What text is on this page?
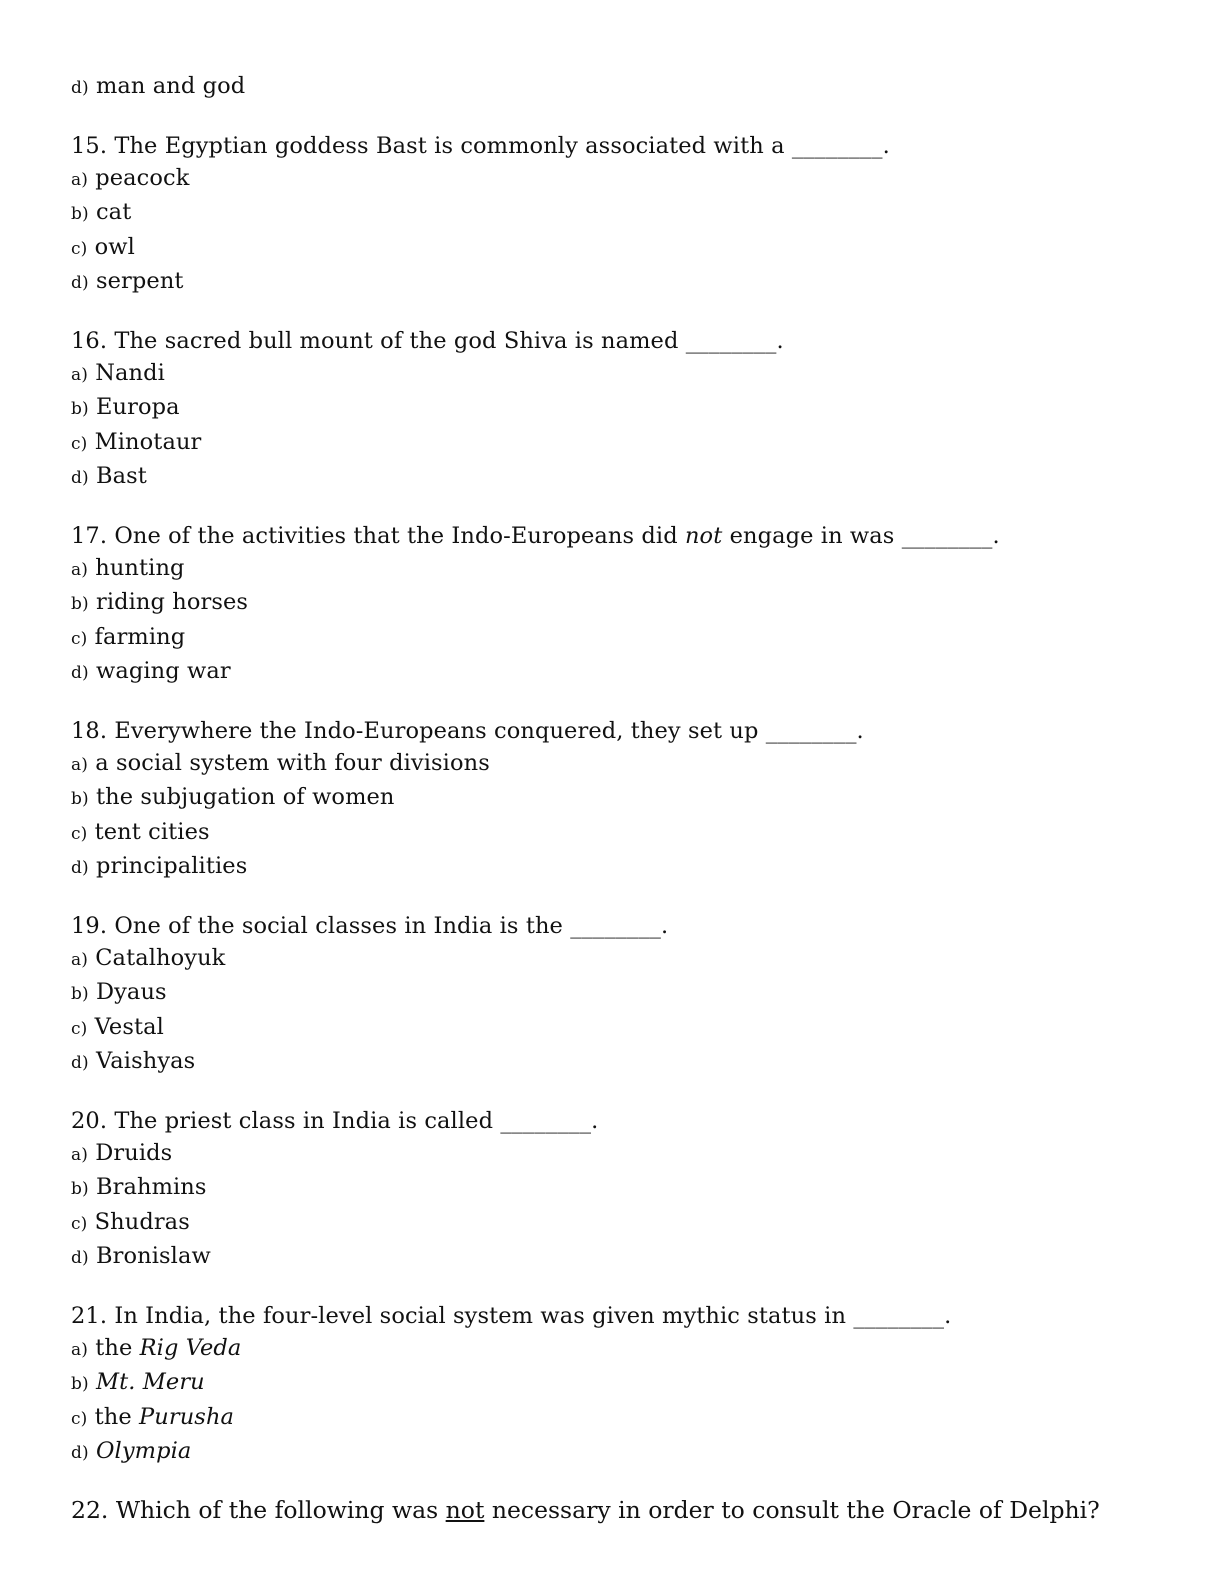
d) man and god
15. The Egyptian goddess Bast is commonly associated with a ________.
a) peacock
b) cat
c) owl
d) serpent
16. The sacred bull mount of the god Shiva is named ________.
a) Nandi
b) Europa
c) Minotaur
d) Bast
17. One of the activities that the Indo-Europeans did not engage in was ________.
a) hunting
b) riding horses
c) farming
d) waging war
18. Everywhere the Indo-Europeans conquered, they set up ________.
a) a social system with four divisions
b) the subjugation of women
c) tent cities
d) principalities
19. One of the social classes in India is the ________.
a) Catalhoyuk
b) Dyaus
c) Vestal
d) Vaishyas
20. The priest class in India is called ________.
a) Druids
b) Brahmins
c) Shudras
d) Bronislaw
21. In India, the four-level social system was given mythic status in ________.
a) the Rig Veda
b) Mt. Meru
c) the Purusha
d) Olympia
22. Which of the following was not necessary in order to consult the Oracle of Delphi?
